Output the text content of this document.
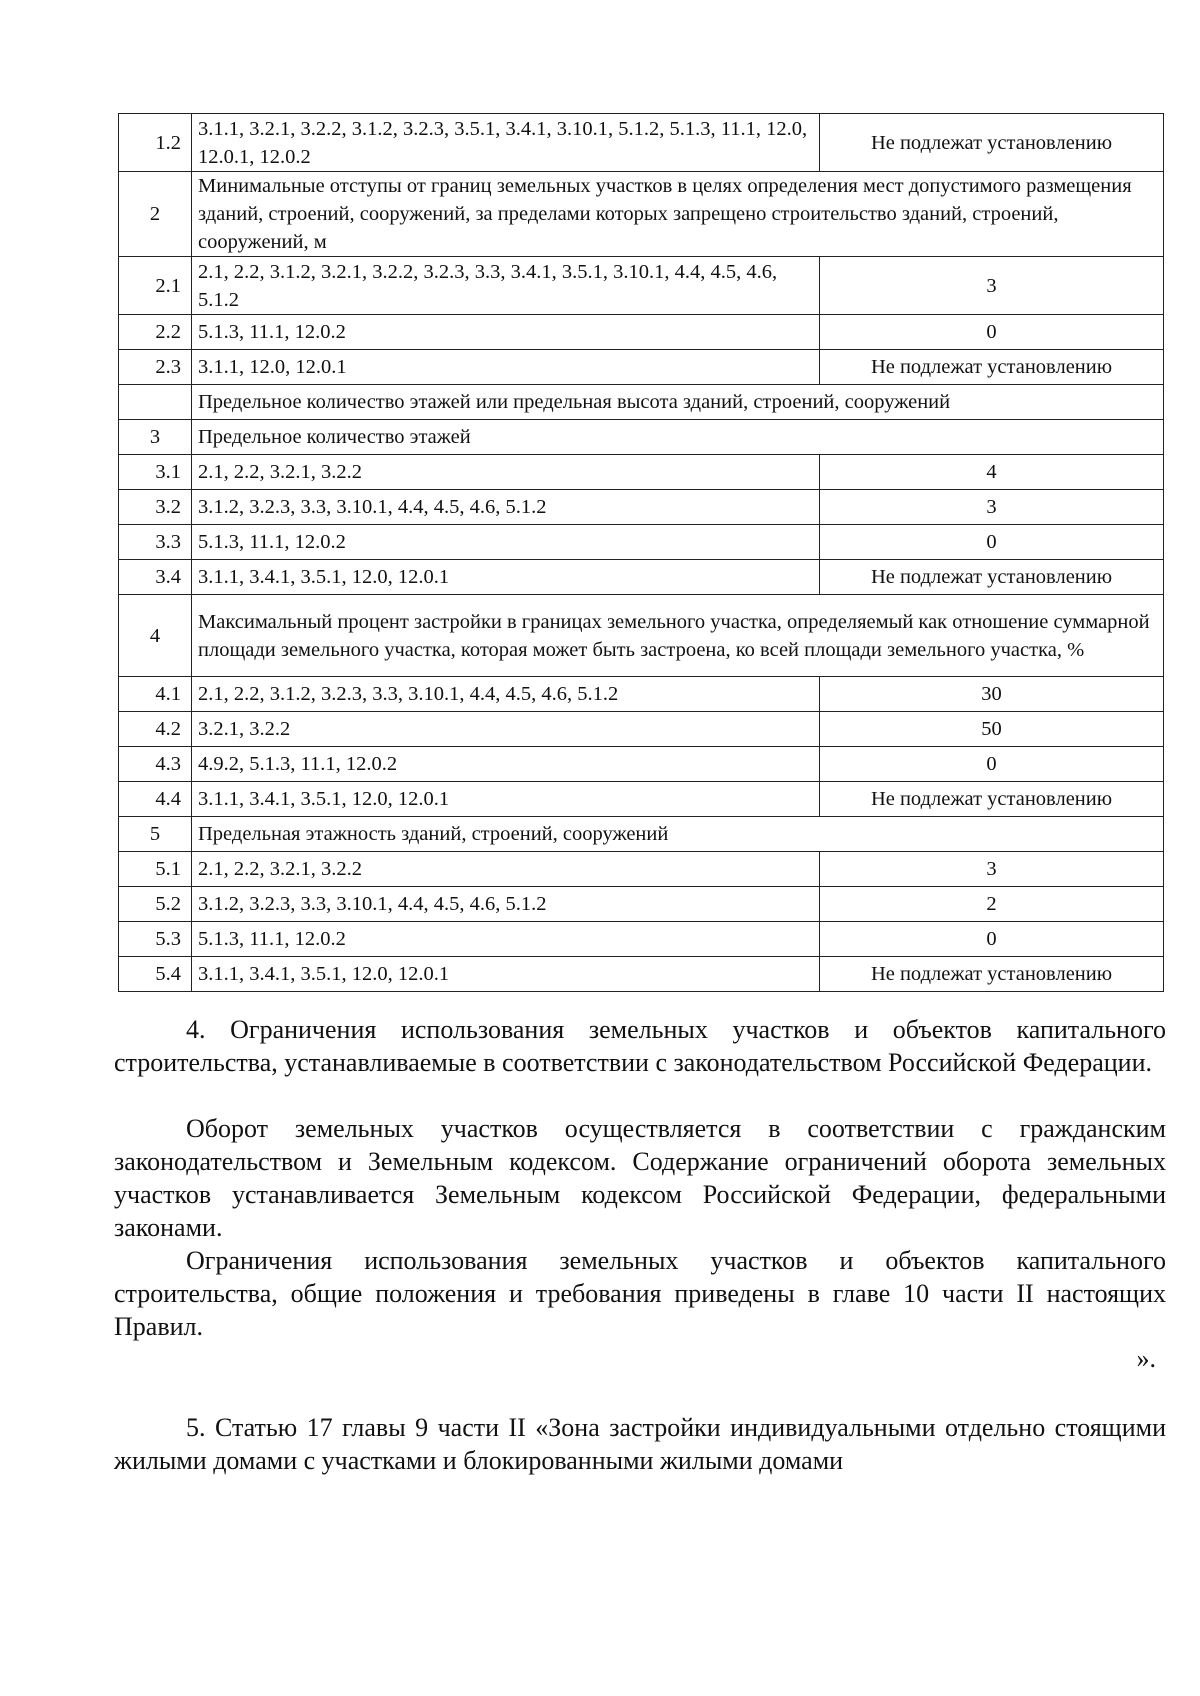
1.2	3.1.1, 3.2.1, 3.2.2, 3.1.2, 3.2.3, 3.5.1, 3.4.1, 3.10.1, 5.1.2, 5.1.3, 11.1, 12.0, 12.0.1, 12.0.2	Не подлежат установлению
2	Минимальные отступы от границ земельных участков в целях определения мест допустимого размещения зданий, строений, сооружений, за пределами которых запрещено строительство зданий, строений, сооружений, м	
2.1	2.1, 2.2, 3.1.2, 3.2.1, 3.2.2, 3.2.3, 3.3, 3.4.1, 3.5.1, 3.10.1, 4.4, 4.5, 4.6, 5.1.2	3
2.2	5.1.3, 11.1, 12.0.2	0
2.3	3.1.1, 12.0, 12.0.1	Не подлежат установлению
	Предельное количество этажей или предельная высота зданий, строений, сооружений	
3	Предельное количество этажей	
3.1	2.1, 2.2, 3.2.1, 3.2.2	4
3.2	3.1.2, 3.2.3, 3.3, 3.10.1, 4.4, 4.5, 4.6, 5.1.2	3
3.3	5.1.3, 11.1, 12.0.2	0
3.4	3.1.1, 3.4.1, 3.5.1, 12.0, 12.0.1	Не подлежат установлению
4	Максимальный процент застройки в границах земельного участка, определяемый как отношение суммарной площади земельного участка, которая может быть застроена, ко всей площади земельного участка, %	
4.1	2.1, 2.2, 3.1.2, 3.2.3, 3.3, 3.10.1, 4.4, 4.5, 4.6, 5.1.2	30
4.2	3.2.1, 3.2.2	50
4.3	4.9.2, 5.1.3, 11.1, 12.0.2	0
4.4	3.1.1, 3.4.1, 3.5.1, 12.0, 12.0.1	Не подлежат установлению
5	Предельная этажность зданий, строений, сооружений	
5.1	2.1, 2.2, 3.2.1, 3.2.2	3
5.2	3.1.2, 3.2.3, 3.3, 3.10.1, 4.4, 4.5, 4.6, 5.1.2	2
5.3	5.1.3, 11.1, 12.0.2	0
5.4	3.1.1, 3.4.1, 3.5.1, 12.0, 12.0.1	Не подлежат установлению

4. Ограничения использования земельных участков и объектов капитального строительства, устанавливаемые в соответствии с законодательством Российской Федерации.

Оборот земельных участков осуществляется в соответствии с гражданским законодательством и Земельным кодексом. Содержание ограничений оборота земельных участков устанавливается Земельным кодексом Российской Федерации, федеральными законами.

Ограничения использования земельных участков и объектов капитального строительства, общие положения и требования приведены в главе 10 части II настоящих Правил.

».

5. Статью 17 главы 9 части II «Зона застройки индивидуальными отдельно стоящими жилыми домами с участками и блокированными жилыми домами
